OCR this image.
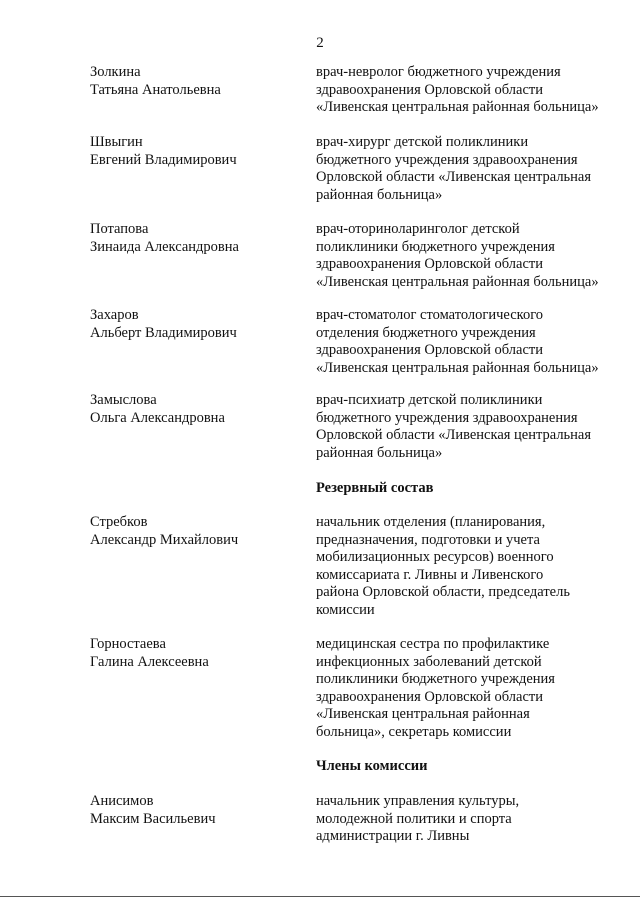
2
Золкина
Татьяна Анатольевна
врач-невролог бюджетного учреждения
здравоохранения Орловской области
«Ливенская центральная районная больница»
Швыгин
Евгений Владимирович
врач-хирург детской поликлиники
бюджетного учреждения здравоохранения
Орловской области «Ливенская центральная
районная больница»
Потапова
Зинаида Александровна
врач-оториноларинголог детской
поликлиники бюджетного учреждения
здравоохранения Орловской области
«Ливенская центральная районная больница»
Захаров
Альберт Владимирович
врач-стоматолог стоматологического
отделения бюджетного учреждения
здравоохранения Орловской области
«Ливенская центральная районная больница»
Замыслова
Ольга Александровна
врач-психиатр детской поликлиники
бюджетного учреждения здравоохранения
Орловской области «Ливенская центральная
районная больница»
Резервный состав
Стребков
Александр Михайлович
начальник отделения (планирования,
предназначения, подготовки и учета
мобилизационных ресурсов) военного
комиссариата г. Ливны и Ливенского
района Орловской области, председатель
комиссии
Горностаева
Галина Алексеевна
медицинская сестра по профилактике
инфекционных заболеваний детской
поликлиники бюджетного учреждения
здравоохранения Орловской области
«Ливенская центральная районная
больница», секретарь комиссии
Члены комиссии
Анисимов
Максим Васильевич
начальник управления культуры,
молодежной политики и спорта
администрации г. Ливны
